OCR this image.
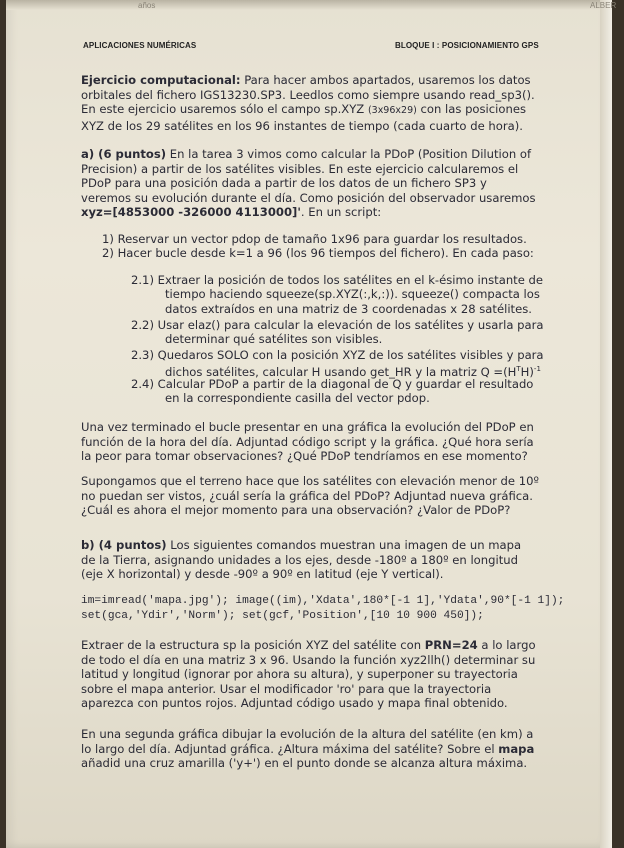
años	ALBER
APLICACIONES NUMÉRICAS	BLOQUE I : POSICIONAMIENTO GPS
Ejercicio computacional: Para hacer ambos apartados, usaremos los datos
orbitales del fichero IGS13230.SP3. Leedlos como siempre usando read_sp3().
En este ejercicio usaremos sólo el campo sp.XYZ (3x96x29) con las posiciones
XYZ de los 29 satélites en los 96 instantes de tiempo (cada cuarto de hora).
a) (6 puntos) En la tarea 3 vimos como calcular la PDoP (Position Dilution of
Precision) a partir de los satélites visibles. En este ejercicio calcularemos el
PDoP para una posición dada a partir de los datos de un fichero SP3 y
veremos su evolución durante el día. Como posición del observador usaremos
xyz=[4853000 -326000 4113000]'. En un script:
1) Reservar un vector pdop de tamaño 1x96 para guardar los resultados.
2) Hacer bucle desde k=1 a 96 (los 96 tiempos del fichero). En cada paso:
2.1) Extraer la posición de todos los satélites en el k-ésimo instante de
tiempo haciendo squeeze(sp.XYZ(:,k,:)). squeeze() compacta los
datos extraídos en una matriz de 3 coordenadas x 28 satélites.
2.2) Usar elaz() para calcular la elevación de los satélites y usarla para
determinar qué satélites son visibles.
2.3) Quedaros SOLO con la posición XYZ de los satélites visibles y para
dichos satélites, calcular H usando get_HR y la matriz $Q =(H^TH)^{-1}$
2.4) Calcular PDoP a partir de la diagonal de Q y guardar el resultado
en la correspondiente casilla del vector pdop.
Una vez terminado el bucle presentar en una gráfica la evolución del PDoP en
función de la hora del día. Adjuntad código script y la gráfica. ¿Qué hora sería
la peor para tomar observaciones? ¿Qué PDoP tendríamos en ese momento?
Supongamos que el terreno hace que los satélites con elevación menor de 10º
no puedan ser vistos, ¿cuál sería la gráfica del PDoP? Adjuntad nueva gráfica.
¿Cuál es ahora el mejor momento para una observación? ¿Valor de PDoP?
b) (4 puntos) Los siguientes comandos muestran una imagen de un mapa
de la Tierra, asignando unidades a los ejes, desde -180º a 180º en longitud
(eje X horizontal) y desde -90º a 90º en latitud (eje Y vertical).
im=imread('mapa.jpg'); image((im),'Xdata',180*[-1 1],'Ydata',90*[-1 1]);
set(gca,'Ydir','Norm'); set(gcf,'Position',[10 10 900 450]);
Extraer de la estructura sp la posición XYZ del satélite con PRN=24 a lo largo
de todo el día en una matriz 3 x 96. Usando la función xyz2llh() determinar su
latitud y longitud (ignorar por ahora su altura), y superponer su trayectoria
sobre el mapa anterior. Usar el modificador 'ro' para que la trayectoria
aparezca con puntos rojos. Adjuntad código usado y mapa final obtenido.
En una segunda gráfica dibujar la evolución de la altura del satélite (en km) a
lo largo del día. Adjuntad gráfica. ¿Altura máxima del satélite? Sobre el mapa
añadid una cruz amarilla ('y+') en el punto donde se alcanza altura máxima.
